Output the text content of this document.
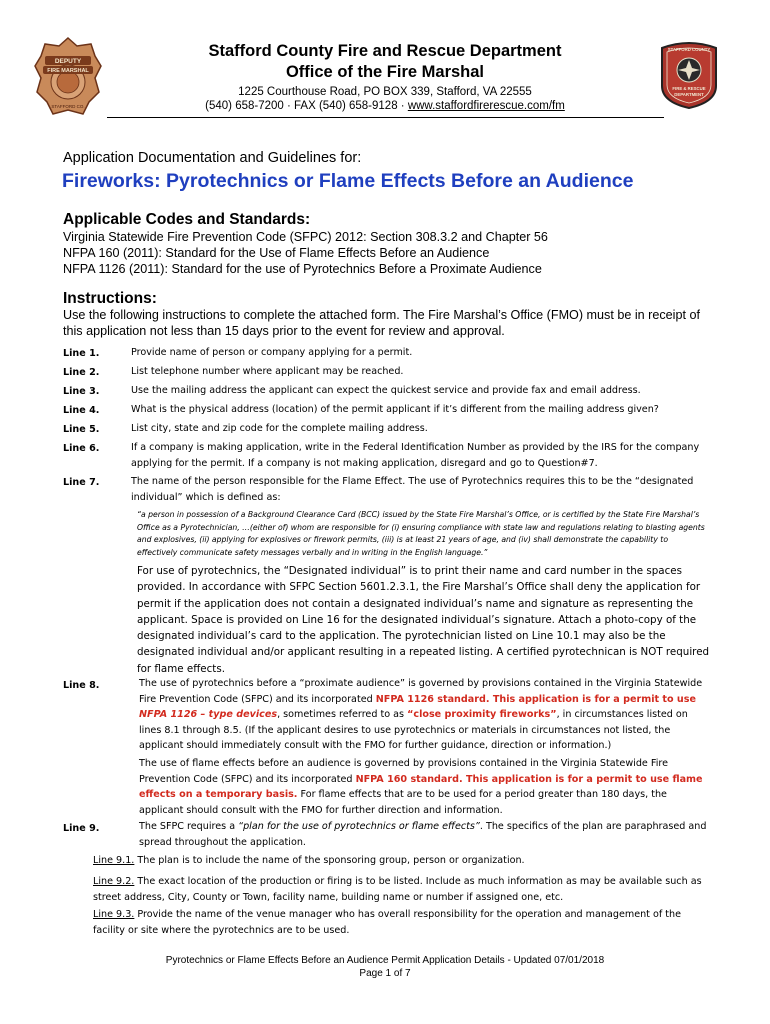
DEPUTY
FIRE MARSHAL
STAFFORD CO.
STAFFORD COUNTY
FIRE & RESCUE
DEPARTMENT
Stafford County Fire and Rescue Department
Office of the Fire Marshal
1225 Courthouse Road, PO BOX 339, Stafford, VA 22555
(540) 658-7200 · FAX (540) 658-9128 · www.staffordfirerescue.com/fm
Application Documentation and Guidelines for:
Fireworks: Pyrotechnics or Flame Effects Before an Audience
Applicable Codes and Standards:
Virginia Statewide Fire Prevention Code (SFPC) 2012: Section 308.3.2 and Chapter 56
NFPA 160 (2011): Standard for the Use of Flame Effects Before an Audience
NFPA 1126 (2011): Standard for the use of Pyrotechnics Before a Proximate Audience
Instructions:
Use the following instructions to complete the attached form. The Fire Marshal’s Office (FMO) must be in receipt of this application not less than 15 days prior to the event for review and approval.
Line 1.	Provide name of person or company applying for a permit.
Line 2.	List telephone number where applicant may be reached.
Line 3.	Use the mailing address the applicant can expect the quickest service and provide fax and email address.
Line 4.	What is the physical address (location) of the permit applicant if it’s different from the mailing address given?
Line 5.	List city, state and zip code for the complete mailing address.
Line 6.	If a company is making application, write in the Federal Identification Number as provided by the IRS for the company applying for the permit. If a company is not making application, disregard and go to Question#7.
Line 7.	The name of the person responsible for the Flame Effect. The use of Pyrotechnics requires this to be the “designated individual” which is defined as:
“a person in possession of a Background Clearance Card (BCC) issued by the State Fire Marshal’s Office, or is certified by the State Fire Marshal’s Office as a Pyrotechnician, …(either of) whom are responsible for (i) ensuring compliance with state law and regulations relating to blasting agents and explosives, (ii) applying for explosives or firework permits, (iii) is at least 21 years of age, and (iv) shall demonstrate the capability to effectively communicate safety messages verbally and in writing in the English language.”
For use of pyrotechnics, the “Designated individual” is to print their name and card number in the spaces provided. In accordance with SFPC Section 5601.2.3.1, the Fire Marshal’s Office shall deny the application for permit if the application does not contain a designated individual’s name and signature as representing the applicant. Space is provided on Line 16 for the designated individual’s signature. Attach a photo-copy of the designated individual’s card to the application. The pyrotechnician listed on Line 10.1 may also be the designated individual and/or applicant resulting in a repeated listing. A certified pyrotechnican is NOT required for flame effects.
Line 8.	The use of pyrotechnics before a “proximate audience” is governed by provisions contained in the Virginia Statewide Fire Prevention Code (SFPC) and its incorporated NFPA 1126 standard. This application is for a permit to use NFPA 1126 – type devices, sometimes referred to as “close proximity fireworks”, in circumstances listed on lines 8.1 through 8.5. (If the applicant desires to use pyrotechnics or materials in circumstances not listed, the applicant should immediately consult with the FMO for further guidance, direction or information.)
The use of flame effects before an audience is governed by provisions contained in the Virginia Statewide Fire Prevention Code (SFPC) and its incorporated NFPA 160 standard. This application is for a permit to use flame effects on a temporary basis. For flame effects that are to be used for a period greater than 180 days, the applicant should consult with the FMO for further direction and information.
Line 9.	The SFPC requires a “plan for the use of pyrotechnics or flame effects”. The specifics of the plan are paraphrased and spread throughout the application.
Line 9.1. The plan is to include the name of the sponsoring group, person or organization.
Line 9.2. The exact location of the production or firing is to be listed. Include as much information as may be available such as street address, City, County or Town, facility name, building name or number if assigned one, etc.
Line 9.3. Provide the name of the venue manager who has overall responsibility for the operation and management of the facility or site where the pyrotechnics are to be used.
Pyrotechnics or Flame Effects Before an Audience Permit Application Details - Updated 07/01/2018
Page 1 of 7
